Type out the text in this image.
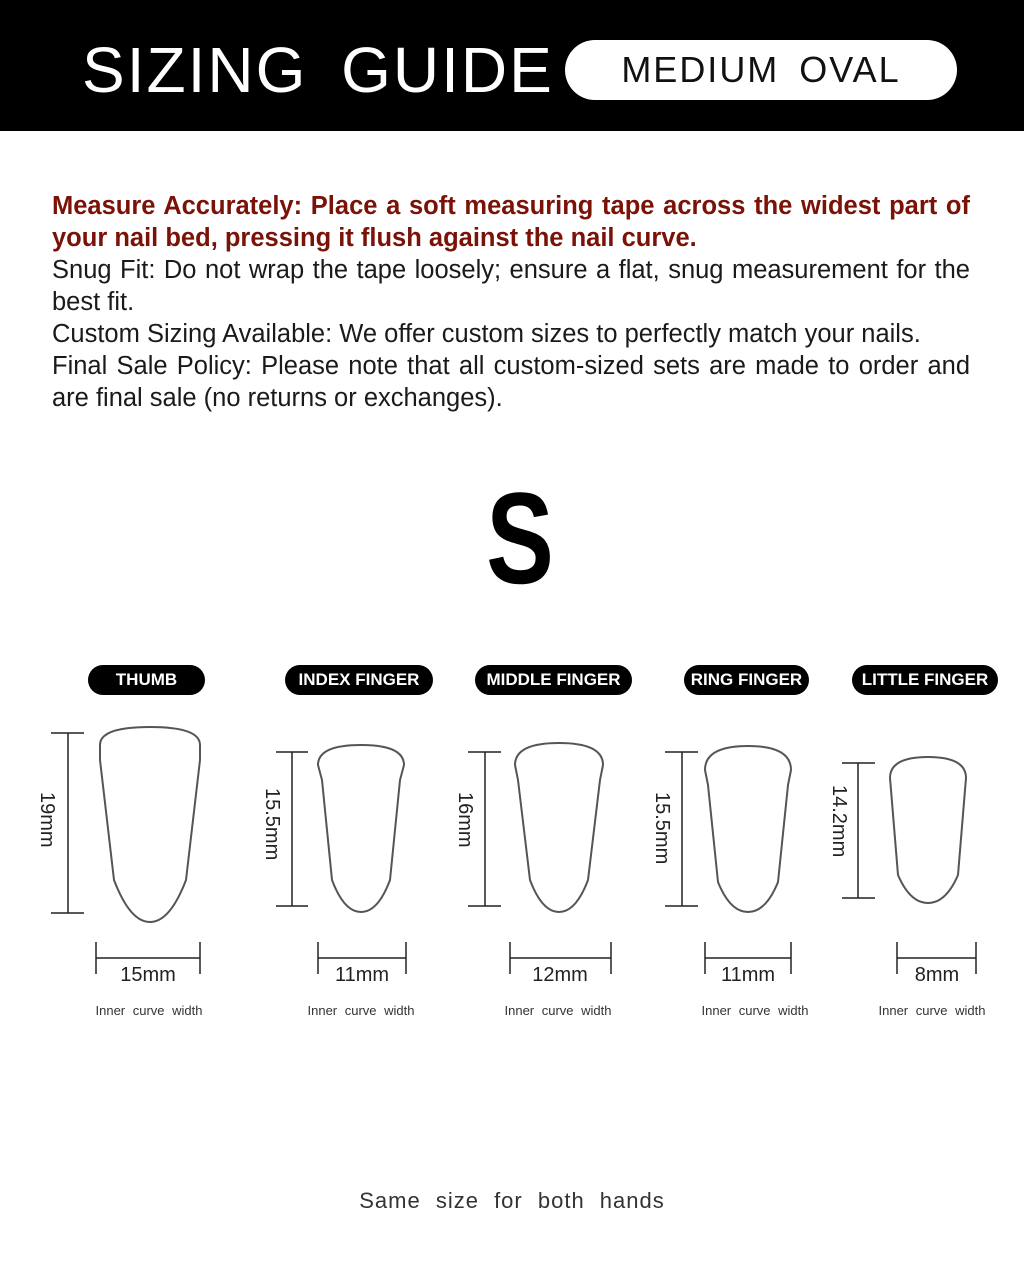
SIZING GUIDE MEDIUM OVAL

Measure Accurately: Place a soft measuring tape across the widest part of your nail bed, pressing it flush against the nail curve.

Snug Fit: Do not wrap the tape loosely; ensure a flat, snug measurement for the best fit.

Custom Sizing Available: We offer custom sizes to perfectly match your nails.

Final Sale Policy: Please note that all custom-sized sets are made to order and are final sale (no returns or exchanges).

S
THUMB	INDEX FINGER	MIDDLE FINGER	RING FINGER	LITTLE FINGER
19mm	15.5mm	16mm	15.5mm	14.2mm
15mm	11mm	12mm	11mm	8mm
Inner curve width	Inner curve width	Inner curve width	Inner curve width	Inner curve width
Same size for both hands
